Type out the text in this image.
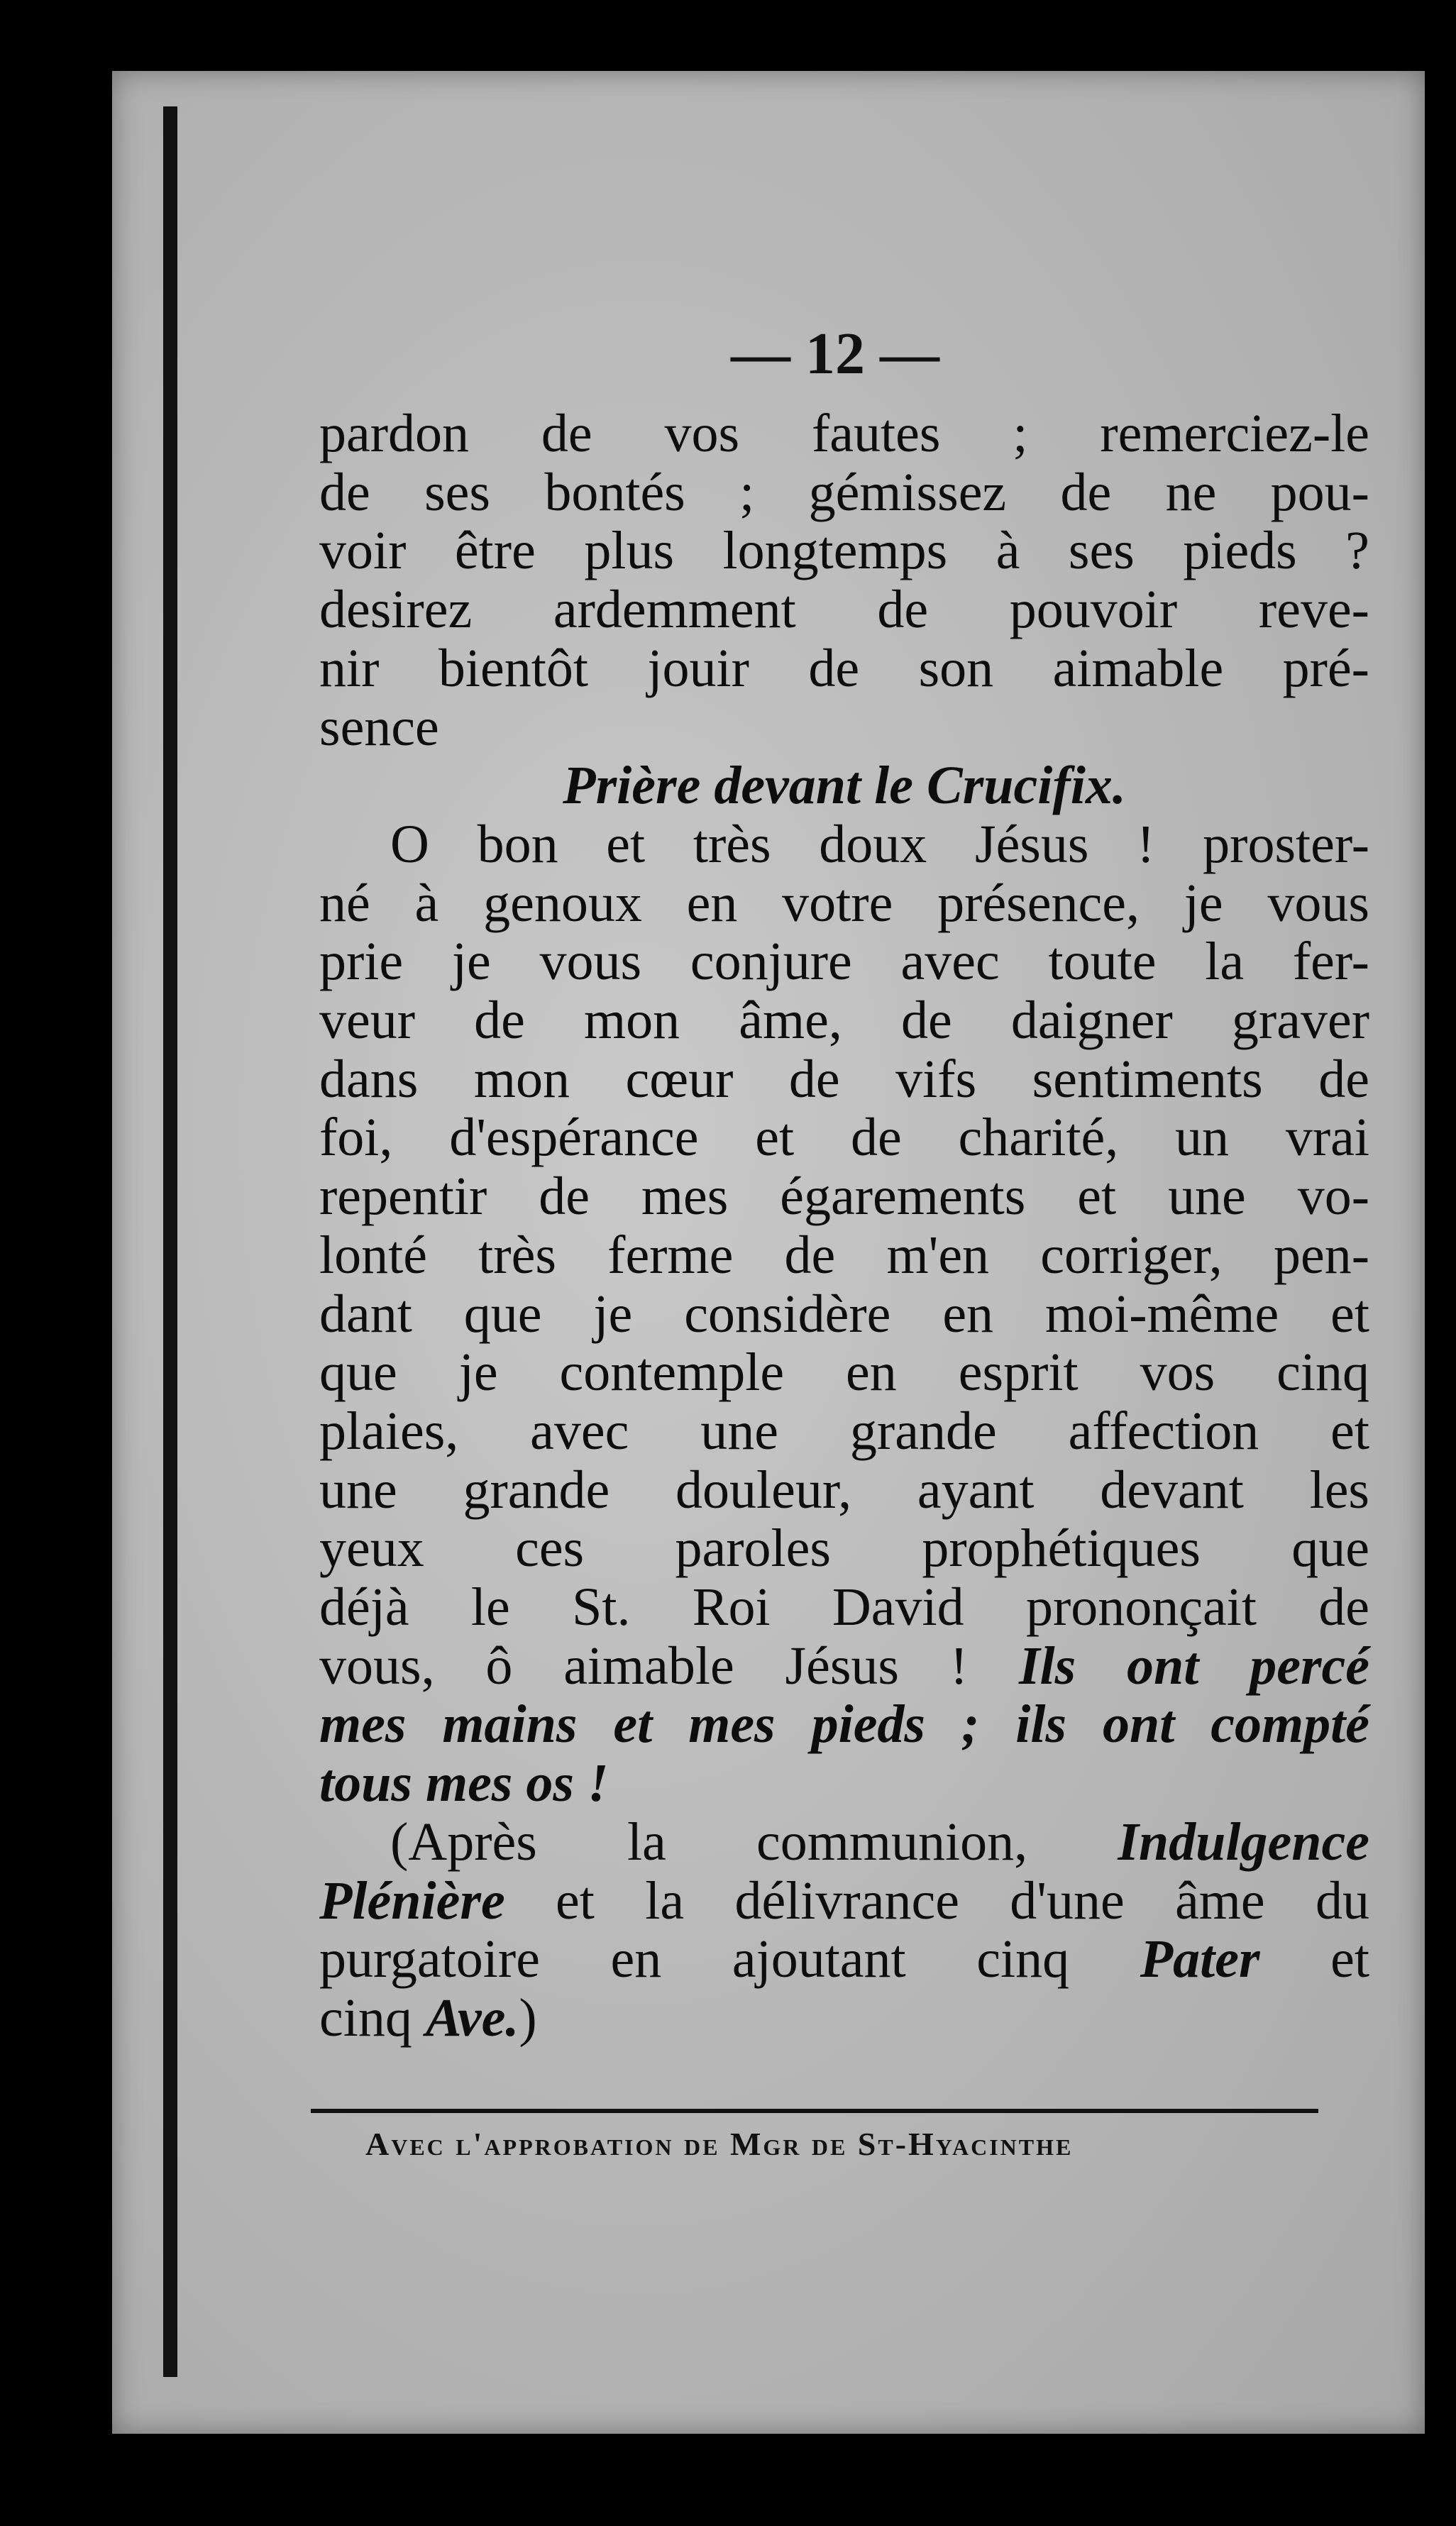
— 12 —
pardon de vos fautes ; remerciez-le
de ses bontés ; gémissez de ne pou-
voir être plus longtemps à ses pieds ?
desirez ardemment de pouvoir reve-
nir bientôt jouir de son aimable pré-
sence
Prière devant le Crucifix.
O bon et très doux Jésus ! proster-
né à genoux en votre présence, je vous
prie je vous conjure avec toute la fer-
veur de mon âme, de daigner graver
dans mon cœur de vifs sentiments de
foi, d'espérance et de charité, un vrai
repentir de mes égarements et une vo-
lonté très ferme de m'en corriger, pen-
dant que je considère en moi-même et
que je contemple en esprit vos cinq
plaies, avec une grande affection et
une grande douleur, ayant devant les
yeux ces paroles prophétiques que
déjà le St. Roi David prononçait de
vous, ô aimable Jésus ! Ils ont percé
mes mains et mes pieds ; ils ont compté
tous mes os !
(Après la communion, Indulgence
Plénière et la délivrance d'une âme du
purgatoire en ajoutant cinq Pater et
cinq Ave.)
Avec l'approbation de Mgr de St-Hyacinthe
